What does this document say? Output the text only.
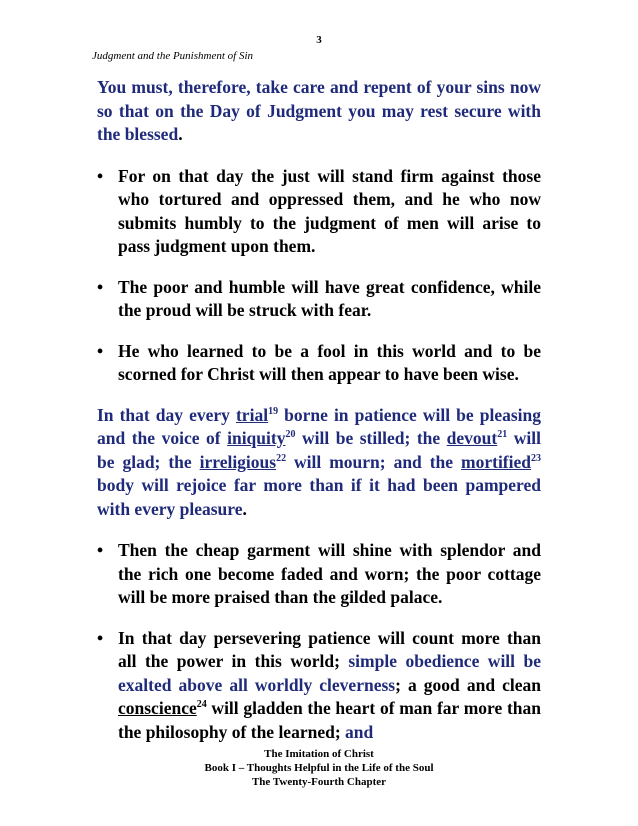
3
Judgment and the Punishment of Sin

You must, therefore, take care and repent of your sins now so that on the Day of Judgment you may rest secure with the blessed.

• For on that day the just will stand firm against those who tortured and oppressed them, and he who now submits humbly to the judgment of men will arise to pass judgment upon them.
• The poor and humble will have great confidence, while the proud will be struck with fear.
• He who learned to be a fool in this world and to be scorned for Christ will then appear to have been wise.

In that day every trial$^{19}$ borne in patience will be pleasing and the voice of iniquity$^{20}$ will be stilled; the devout$^{21}$ will be glad; the irreligious$^{22}$ will mourn; and the mortified$^{23}$ body will rejoice far more than if it had been pampered with every pleasure.

• Then the cheap garment will shine with splendor and the rich one become faded and worn; the poor cottage will be more praised than the gilded palace.
• In that day persevering patience will count more than all the power in this world; simple obedience will be exalted above all worldly cleverness; a good and clean conscience$^{24}$ will gladden the heart of man far more than the philosophy of the learned; and
The Imitation of Christ
Book I – Thoughts Helpful in the Life of the Soul
The Twenty-Fourth Chapter
